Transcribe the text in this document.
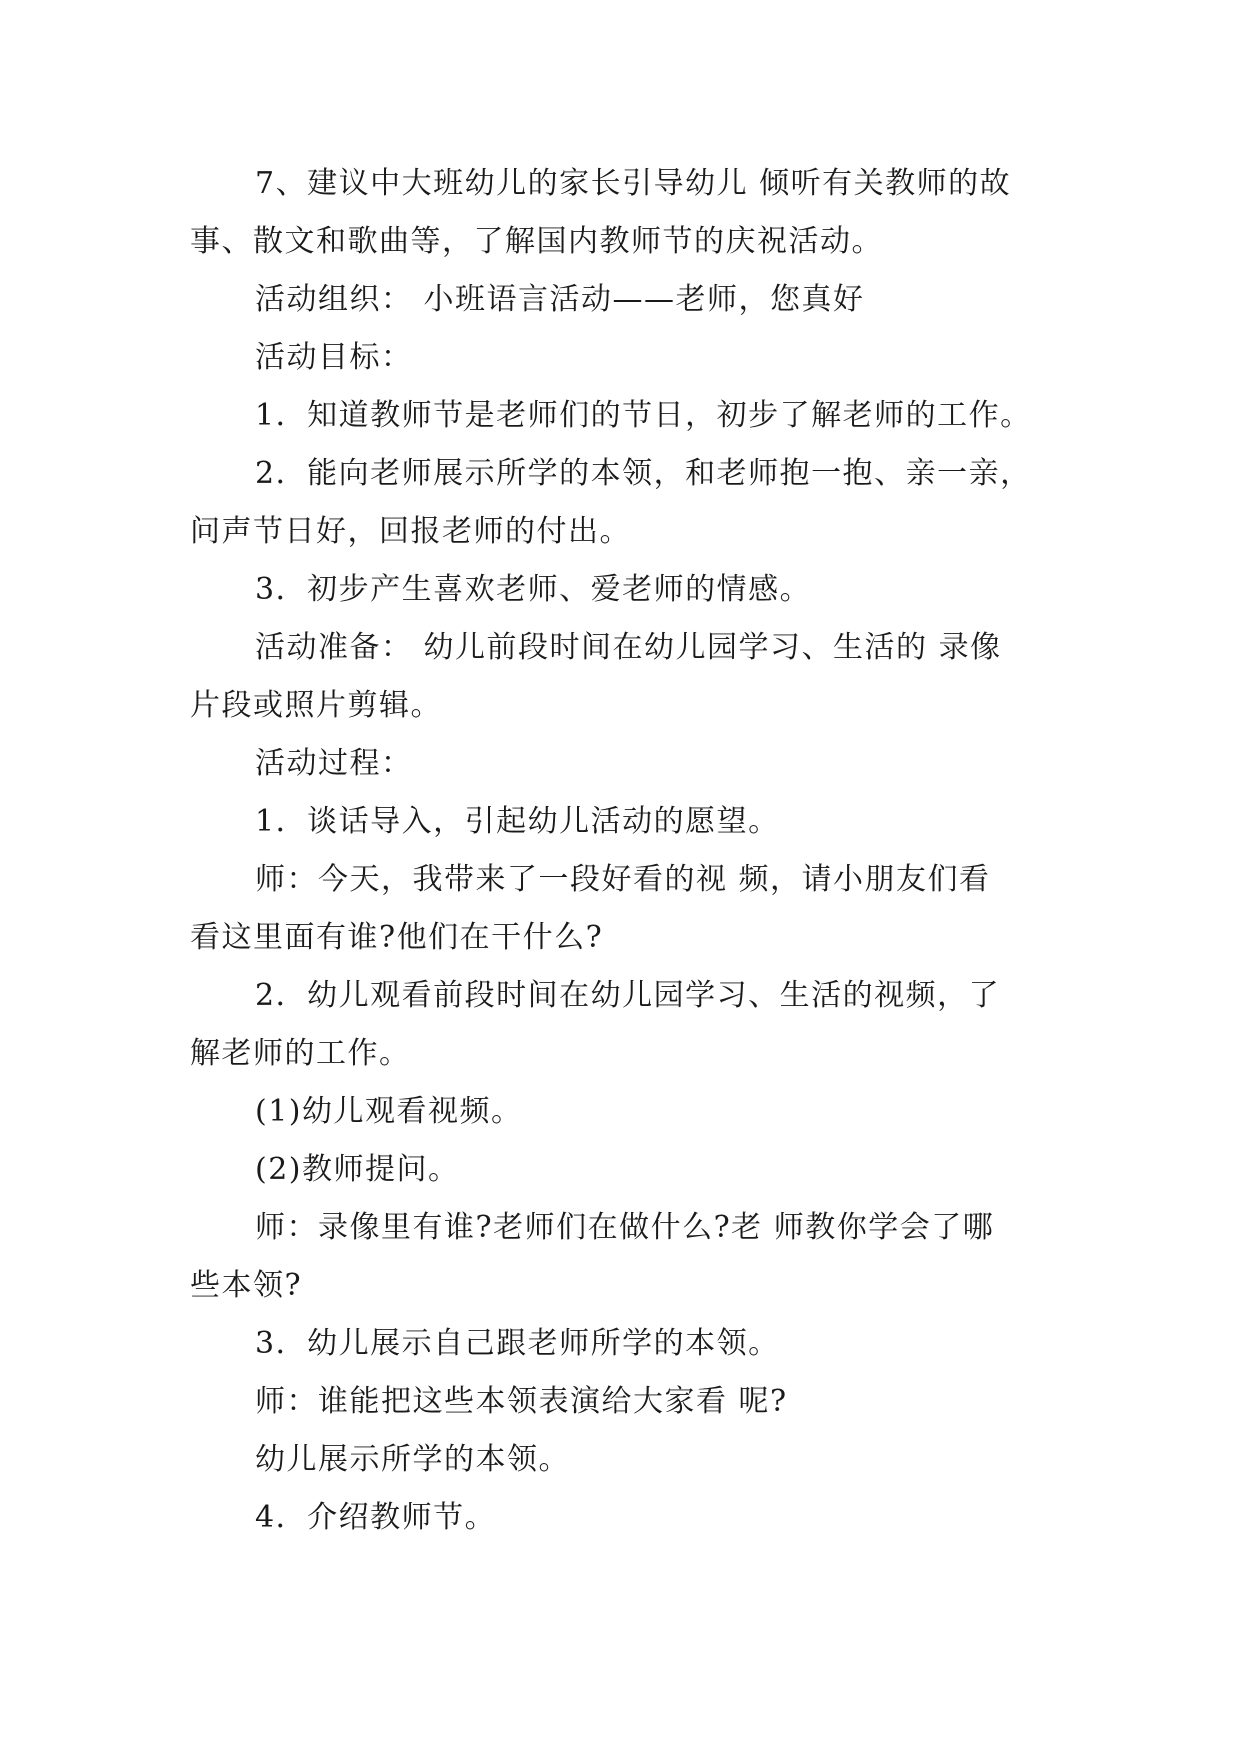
7、建议中大班幼儿的家长引导幼儿 倾听有关教师的故
事、散文和歌曲等，了解国内教师节的庆祝活动。
活动组织： 小班语言活动——老师，您真好
活动目标：
1．知道教师节是老师们的节日，初步了解老师的工作。
2．能向老师展示所学的本领，和老师抱一抱、亲一亲，
问声节日好，回报老师的付出。
3．初步产生喜欢老师、爱老师的情感。
活动准备： 幼儿前段时间在幼儿园学习、生活的 录像
片段或照片剪辑。
活动过程：
1．谈话导入，引起幼儿活动的愿望。
师：今天，我带来了一段好看的视 频，请小朋友们看
看这里面有谁?他们在干什么?
2．幼儿观看前段时间在幼儿园学习、生活的视频，了
解老师的工作。
(1)幼儿观看视频。
(2)教师提问。
师：录像里有谁?老师们在做什么?老 师教你学会了哪
些本领?
3．幼儿展示自己跟老师所学的本领。
师：谁能把这些本领表演给大家看 呢?
幼儿展示所学的本领。
4．介绍教师节。
